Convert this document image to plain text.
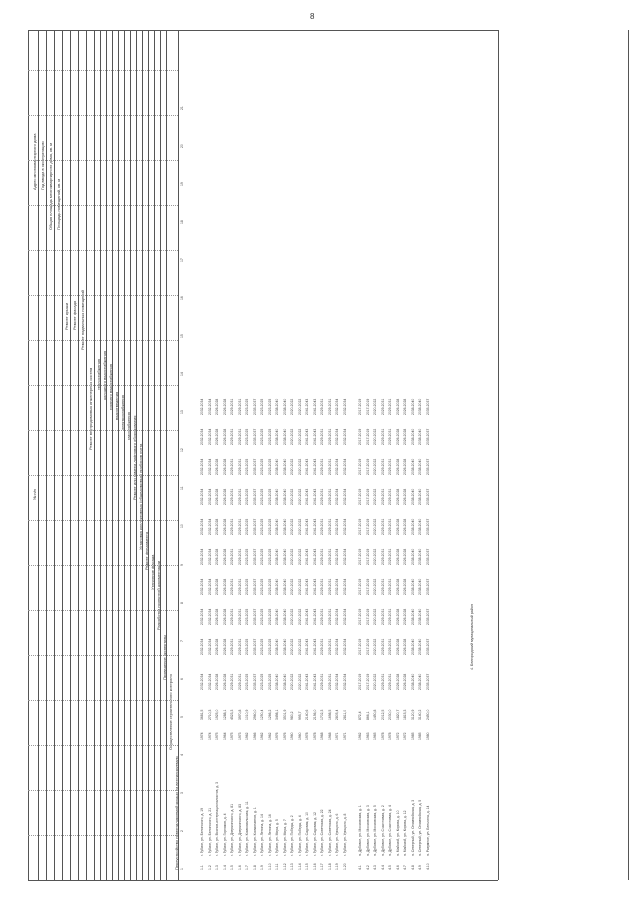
8
№ п/п
Адрес многоквартирного дома Год ввода в эксплуатацию Общая площадь многоквартирного дома, кв. м Площадь помещений, кв. м
Ремонт крыши Ремонт фасада Ремонт подвальных помещений
Ремонт внутридомовых инженерных систем теплоснабжения холодного водоснабжения горячего водоснабжения водоотведения электроснабжения газоснабжения Ремонт или замена лифтового оборудования Установка коллективных (общедомовых) приборов учета
Ремонт фундамента
Утепление фасада Разработка проектной документации
Проведение экспертизы
Осуществление строительного контроля
Переустройство невентилируемой крыши на вентилируемую
4. Белгородский муниципальный район
1
2
3
4
5
6
7
8
9
10
11
12
13
14
15
16
17
18
19
20
21
1.1
г. Губкин, ул. Белинского, д. 19
1974
3681,5
2032-2034
2032-2034
2032-2034
2032-2034
2032-2034
2032-2034
2032-2034
2032-2034
2032-2034
2032-2034
1.2
г. Губкин, ул. Белинского, д. 21
1974
2710,3
2032-2034
2032-2034
2032-2034
2032-2034
2032-2034
2032-2034
2032-2034
2032-2034
2032-2034
2032-2034
1.3
г. Губкин, ул. Воинов-интернационалистов, д. 3
1975
1925,0
2026-2028
2026-2028
2026-2028
2026-2028
2026-2028
2026-2028
2026-2028
2026-2028
2026-2028
2026-2028
1.4
г. Губкин, ул. Горняков, д. 4
1964
1288,1
2026-2028
2026-2028
2026-2028
2026-2028
2026-2028
2026-2028
2026-2028
2026-2028
2026-2028
2026-2028
1.5
г. Губкин, ул. Дзержинского, д. 81
1975
4523,3
2029-2031
2029-2031
2029-2031
2029-2031
2029-2031
2029-2031
2029-2031
2029-2031
2029-2031
2029-2031
1.6
г. Губкин, ул. Дзержинского, д. 83
1973
3970,8
2029-2031
2029-2031
2029-2031
2029-2031
2029-2031
2029-2031
2029-2031
2029-2031
2029-2031
2029-2031
1.7
г. Губкин, ул. Комсомольская, д. 11
1962
1010,9
2023-2025
2023-2025
2023-2025
2023-2025
2023-2025
2023-2025
2023-2025
2023-2025
2023-2025
2023-2025
1.8
г. Губкин, ул. Космонавтов, д. 1
1966
2960,0
2035-2037
2035-2037
2035-2037
2035-2037
2035-2037
2035-2037
2035-2037
2035-2037
2035-2037
2035-2037
1.9
г. Губкин, ул. Ленина, д. 14
1962
1250,4
2023-2025
2023-2025
2023-2025
2023-2025
2023-2025
2023-2025
2023-2025
2023-2025
2023-2025
2023-2025
1.10
г. Губкин, ул. Ленина, д. 16
1962
1266,2
2023-2025
2023-2025
2023-2025
2023-2025
2023-2025
2023-2025
2023-2025
2023-2025
2023-2025
2023-2025
1.11
г. Губкин, ул. Мира, д. 5
1976
3498,1
2038-2040
2038-2040
2038-2040
2038-2040
2038-2040
2038-2040
2038-2040
2038-2040
2038-2040
2038-2040
1.12
г. Губкин, ул. Мира, д. 7
1976
3501,9
2038-2040
2038-2040
2038-2040
2038-2040
2038-2040
2038-2040
2038-2040
2038-2040
2038-2040
2038-2040
1.13
г. Губкин, ул. Победы, д. 2
1960
980,2
2020-2022
2020-2022
2020-2022
2020-2022
2020-2022
2020-2022
2020-2022
2020-2022
2020-2022
2020-2022
1.14
г. Губкин, ул. Победы, д. 4
1960
995,7
2020-2022
2020-2022
2020-2022
2020-2022
2020-2022
2020-2022
2020-2022
2020-2022
2020-2022
2020-2022
1.15
г. Губкин, ул. Садовая, д. 10
1978
2140,6
2041-2043
2041-2043
2041-2043
2041-2043
2041-2043
2041-2043
2041-2043
2041-2043
2041-2043
2041-2043
1.16
г. Губкин, ул. Садовая, д. 12
1978
2156,0
2041-2043
2041-2043
2041-2043
2041-2043
2041-2043
2041-2043
2041-2043
2041-2043
2041-2043
2041-2043
1.17
г. Губкин, ул. Советская, д. 22
1968
1702,3
2029-2031
2029-2031
2029-2031
2029-2031
2029-2031
2029-2031
2029-2031
2029-2031
2029-2031
2029-2031
1.18
г. Губкин, ул. Советская, д. 24
1968
1698,5
2029-2031
2029-2031
2029-2031
2029-2031
2029-2031
2029-2031
2029-2031
2029-2031
2029-2031
2029-2031
1.19
г. Губкин, ул. Урицкого, д. 6
1971
2805,4
2032-2034
2032-2034
2032-2034
2032-2034
2032-2034
2032-2034
2032-2034
2032-2034
2032-2034
2032-2034
1.20
г. Губкин, ул. Урицкого, д. 8
1971
2811,0
2032-2034
2032-2034
2032-2034
2032-2034
2032-2034
2032-2034
2032-2034
2032-2034
2032-2034
2032-2034
4.1
п. Дубовое, ул. Московская, д. 1
1962
872,4
2017-2019
2017-2019
2017-2019
2017-2019
2017-2019
2017-2019
2017-2019
2017-2019
2017-2019
2017-2019
4.2
п. Дубовое, ул. Московская, д. 3
1963
866,1
2017-2019
2017-2019
2017-2019
2017-2019
2017-2019
2017-2019
2017-2019
2017-2019
2017-2019
2017-2019
4.3
п. Дубовое, ул. Московская, д. 5
1965
1450,8
2020-2022
2020-2022
2020-2022
2020-2022
2020-2022
2020-2022
2020-2022
2020-2022
2020-2022
2020-2022
4.4
п. Дубовое, ул. Счастливая, д. 2
1978
2012,5
2029-2031
2029-2031
2029-2031
2029-2031
2029-2031
2029-2031
2029-2031
2029-2031
2029-2031
2029-2031
4.5
п. Дубовое, ул. Счастливая, д. 4
1978
2030,0
2029-2031
2029-2031
2029-2031
2029-2031
2029-2031
2029-2031
2029-2031
2029-2031
2029-2031
2029-2031
4.6
п. Майский, ул. Кирова, д. 10
1972
1820,7
2026-2028
2026-2028
2026-2028
2026-2028
2026-2028
2026-2028
2026-2028
2026-2028
2026-2028
2026-2028
4.7
п. Майский, ул. Кирова, д. 12
1972
1815,3
2026-2028
2026-2028
2026-2028
2026-2028
2026-2028
2026-2028
2026-2028
2026-2028
2026-2028
2026-2028
4.8
п. Северный, ул. Олимпийская, д. 3
1985
3120,9
2038-2040
2038-2040
2038-2040
2038-2040
2038-2040
2038-2040
2038-2040
2038-2040
2038-2040
2038-2040
4.9
п. Северный, ул. Олимпийская, д. 5
1985
3140,2
2038-2040
2038-2040
2038-2040
2038-2040
2038-2040
2038-2040
2038-2040
2038-2040
2038-2040
2038-2040
4.10
п. Разумное, ул. Бельгина, д. 14
1980
2450,0
2035-2037
2035-2037
2035-2037
2035-2037
2035-2037
2035-2037
2035-2037
2035-2037
2035-2037
2035-2037
